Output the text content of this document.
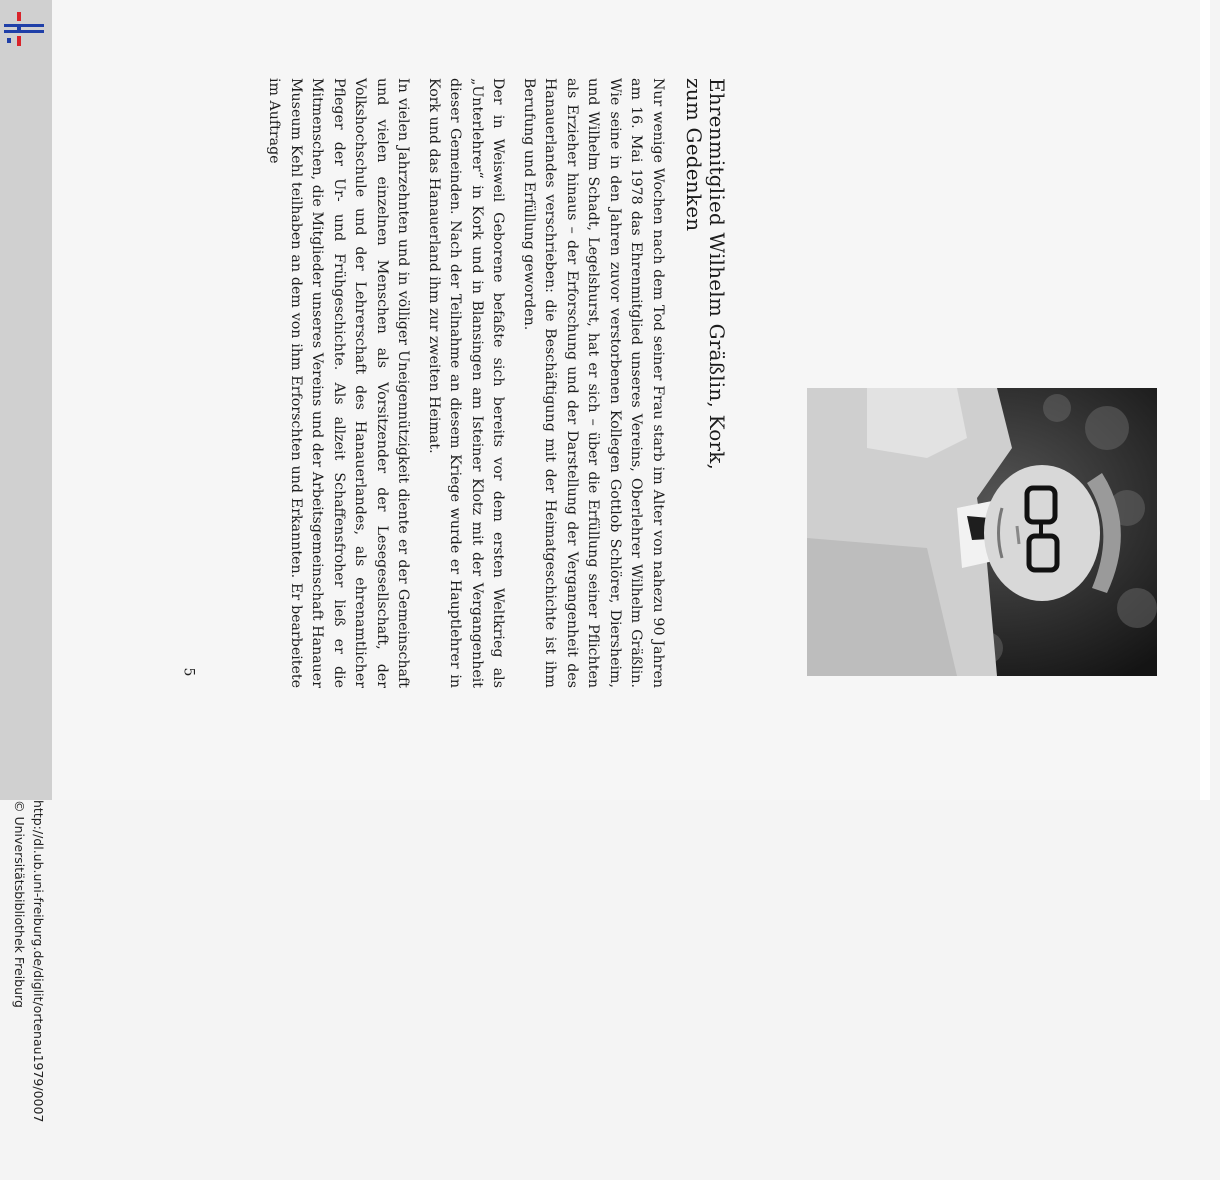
http://dl.ub.uni-freiburg.de/diglit/ortenau1979/0007
© Universitätsbibliothek Freiburg
5
Ehrenmitglied Wilhelm Gräßlin, Kork,
zum Gedenken

Nur wenige Wochen nach dem Tod seiner Frau starb im Alter von nahezu 90 Jahren am 16. Mai 1978 das Ehrenmitglied unseres Vereins, Oberlehrer Wilhelm Gräßlin. Wie seine in den Jahren zuvor verstorbenen Kollegen Gottlob Schlörer, Diersheim, und Wilhelm Schadt, Legelshurst, hat er sich – über die Erfüllung seiner Pflichten als Erzieher hinaus – der Erforschung und der Darstellung der Vergangenheit des Hanauerlandes verschrieben: die Beschäftigung mit der Heimatgeschichte ist ihm Berufung und Erfüllung geworden.

Der in Weisweil Geborene befaßte sich bereits vor dem ersten Weltkrieg als „Unterlehrer“ in Kork und in Blansingen am Isteiner Klotz mit der Vergangenheit dieser Gemeinden. Nach der Teilnahme an diesem Kriege wurde er Hauptlehrer in Kork und das Hanauerland ihm zur zweiten Heimat.

In vielen Jahrzehnten und in völliger Uneigennützigkeit diente er der Gemeinschaft und vielen einzelnen Menschen als Vorsitzender der Lesegesellschaft, der Volkshochschule und der Lehrerschaft des Hanauerlandes, als ehrenamtlicher Pfleger der Ur- und Frühgeschichte. Als allzeit Schaffensfroher ließ er die Mitmenschen, die Mitglieder unseres Vereins und der Arbeitsgemeinschaft Hanauer Museum Kehl teilhaben an dem von ihm Erforschten und Erkannten. Er bearbeitete im Auftrage
